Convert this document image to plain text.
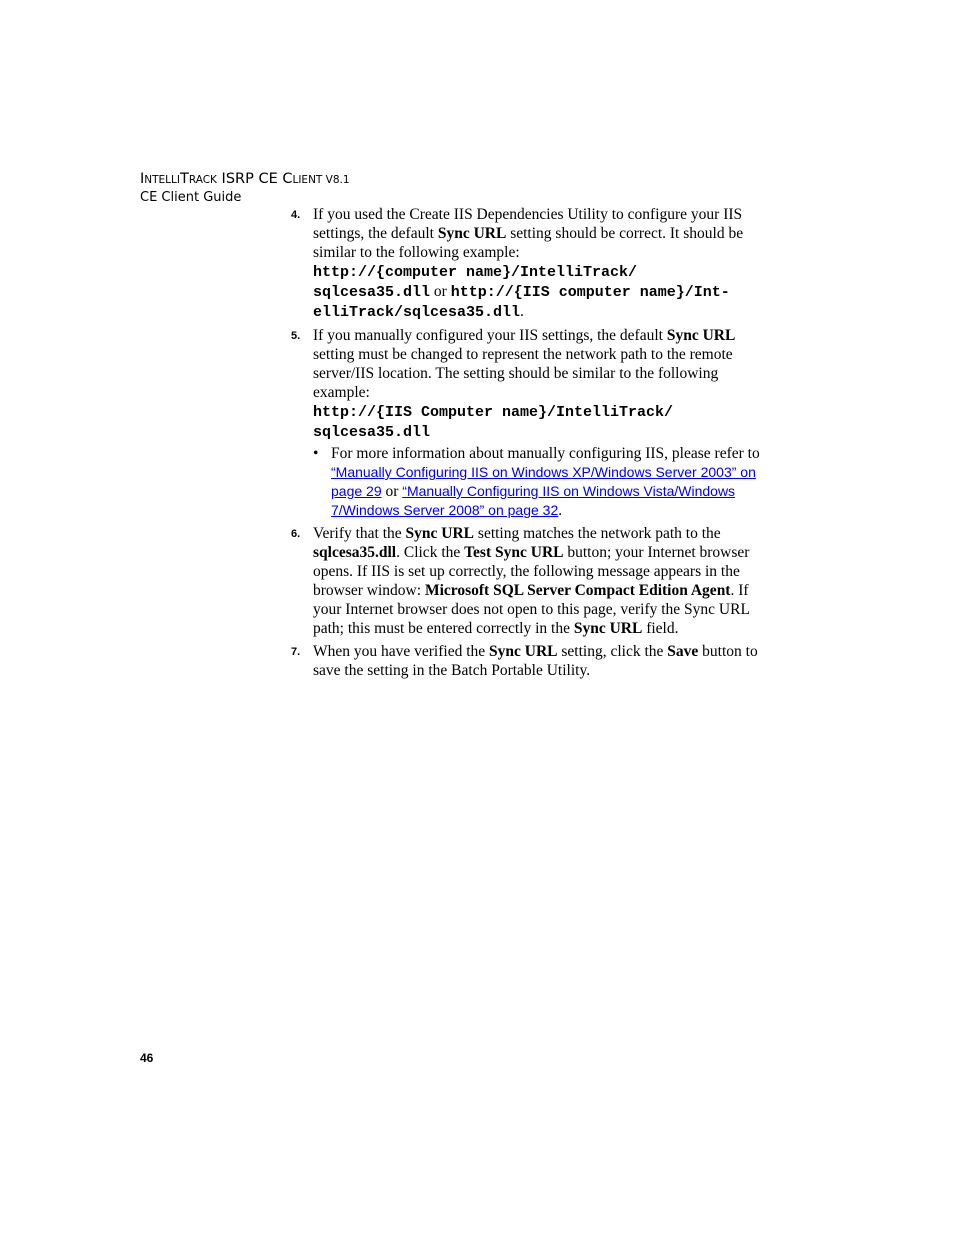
INTELLITRACK ISRP CE CLIENT V8.1
CE Client Guide
4. If you used the Create IIS Dependencies Utility to configure your IIS settings, the default Sync URL setting should be correct. It should be similar to the following example:

http://{computer name}/IntelliTrack/ sqlcesa35.dll or http://{IIS computer name}/Int- elliTrack/sqlcesa35.dll.

5. If you manually configured your IIS settings, the default Sync URL setting must be changed to represent the network path to the remote server/IIS location. The setting should be similar to the following example:

http://{IIS Computer name}/IntelliTrack/ sqlcesa35.dll

• For more information about manually configuring IIS, please refer to “Manually Configuring IIS on Windows XP/Windows Server 2003” on page 29 or “Manually Configuring IIS on Windows Vista/Windows 7/Windows Server 2008” on page 32.
6. Verify that the Sync URL setting matches the network path to the sqlcesa35.dll. Click the Test Sync URL button; your Internet browser opens. If IIS is set up correctly, the following message appears in the browser window: Microsoft SQL Server Compact Edition Agent. If your Internet browser does not open to this page, verify the Sync URL path; this must be entered correctly in the Sync URL field.

7. When you have verified the Sync URL setting, click the Save button to save the setting in the Batch Portable Utility.

46
